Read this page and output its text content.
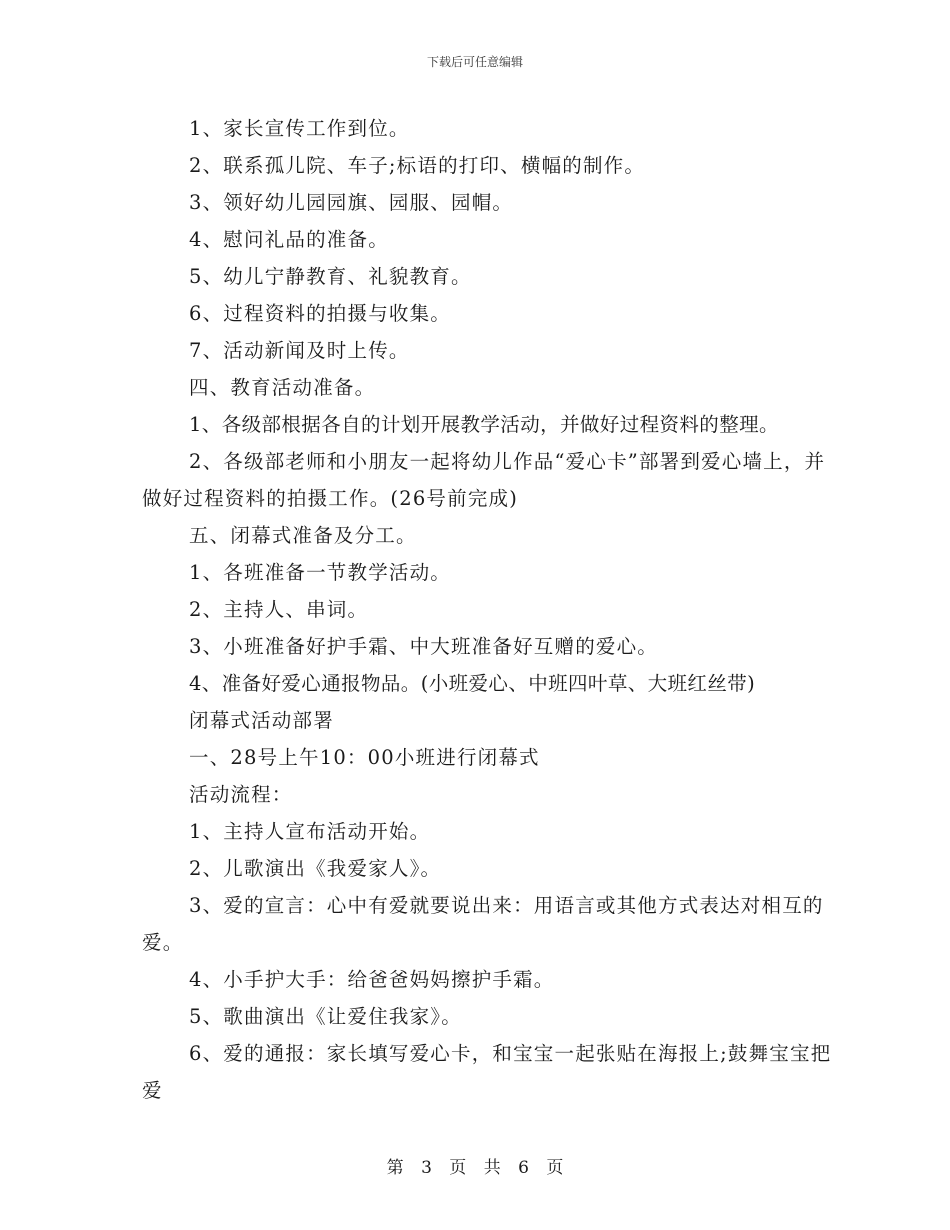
下载后可任意编辑

1、家长宣传工作到位。

2、联系孤儿院、车子;标语的打印、横幅的制作。

3、领好幼儿园园旗、园服、园帽。

4、慰问礼品的准备。

5、幼儿宁静教育、礼貌教育。

6、过程资料的拍摄与收集。

7、活动新闻及时上传。

四、教育活动准备。

1、各级部根据各自的计划开展教学活动，并做好过程资料的整理。

2、各级部老师和小朋友一起将幼儿作品“爱心卡”部署到爱心墙上，并做好过程资料的拍摄工作。(26号前完成)

五、闭幕式准备及分工。

1、各班准备一节教学活动。

2、主持人、串词。

3、小班准备好护手霜、中大班准备好互赠的爱心。

4、准备好爱心通报物品。(小班爱心、中班四叶草、大班红丝带)

闭幕式活动部署

一、28号上午10：00小班进行闭幕式

活动流程：

1、主持人宣布活动开始。

2、儿歌演出《我爱家人》。

3、爱的宣言：心中有爱就要说出来：用语言或其他方式表达对相互的爱。

4、小手护大手：给爸爸妈妈擦护手霜。

5、歌曲演出《让爱住我家》。

6、爱的通报：家长填写爱心卡，和宝宝一起张贴在海报上;鼓舞宝宝把爱

第 3 页 共 6 页
